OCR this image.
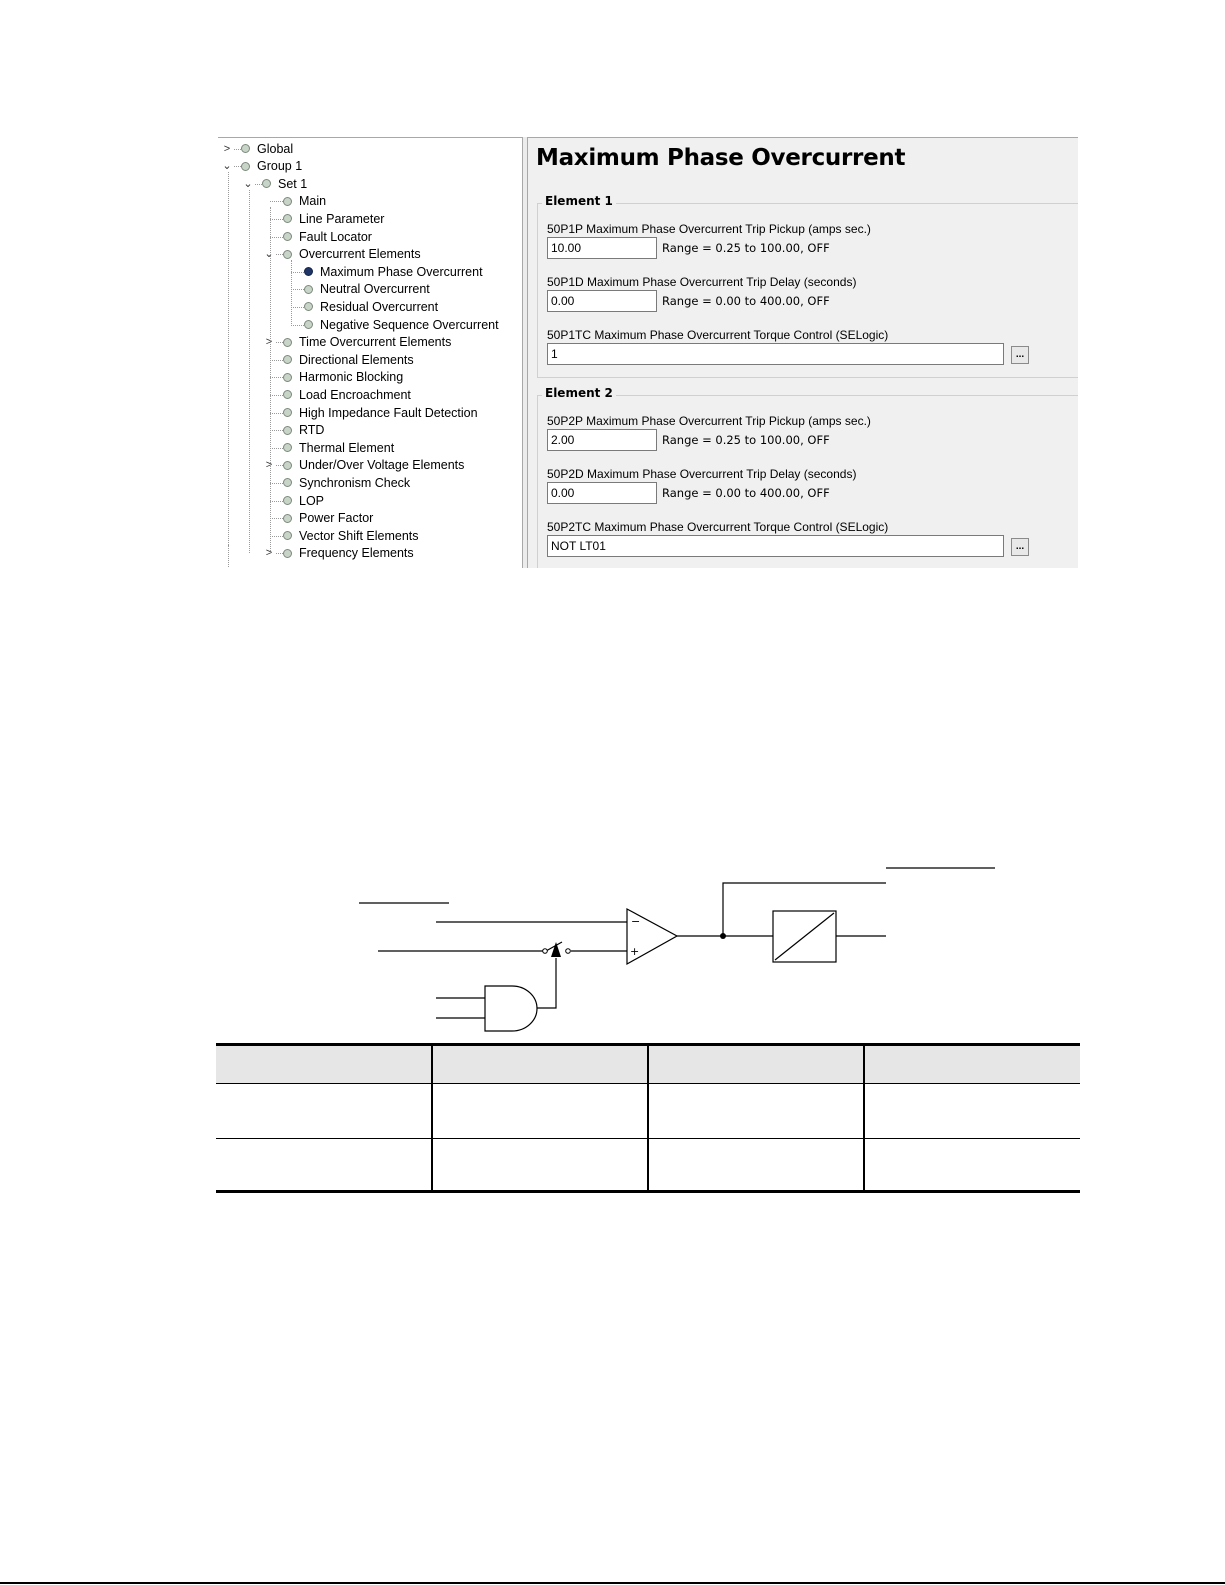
> Global
⌄ Group 1
⌄ Set 1
Main
Line Parameter
Fault Locator
⌄ Overcurrent Elements
Maximum Phase Overcurrent
Neutral Overcurrent
Residual Overcurrent
Negative Sequence Overcurrent
> Time Overcurrent Elements
Directional Elements
Harmonic Blocking
Load Encroachment
High Impedance Fault Detection
RTD
Thermal Element
> Under/Over Voltage Elements
Synchronism Check
LOP
Power Factor
Vector Shift Elements
> Frequency Elements
Maximum Phase Overcurrent
Element 1
50P1P Maximum Phase Overcurrent Trip Pickup (amps sec.)
10.00
Range = 0.25 to 100.00, OFF
50P1D Maximum Phase Overcurrent Trip Delay (seconds)
0.00
Range = 0.00 to 400.00, OFF
50P1TC Maximum Phase Overcurrent Torque Control (SELogic)
1
...
Element 2
50P2P Maximum Phase Overcurrent Trip Pickup (amps sec.)
2.00
Range = 0.25 to 100.00, OFF
50P2D Maximum Phase Overcurrent Trip Delay (seconds)
0.00
Range = 0.00 to 400.00, OFF
50P2TC Maximum Phase Overcurrent Torque Control (SELogic)
NOT LT01
...
−
+
